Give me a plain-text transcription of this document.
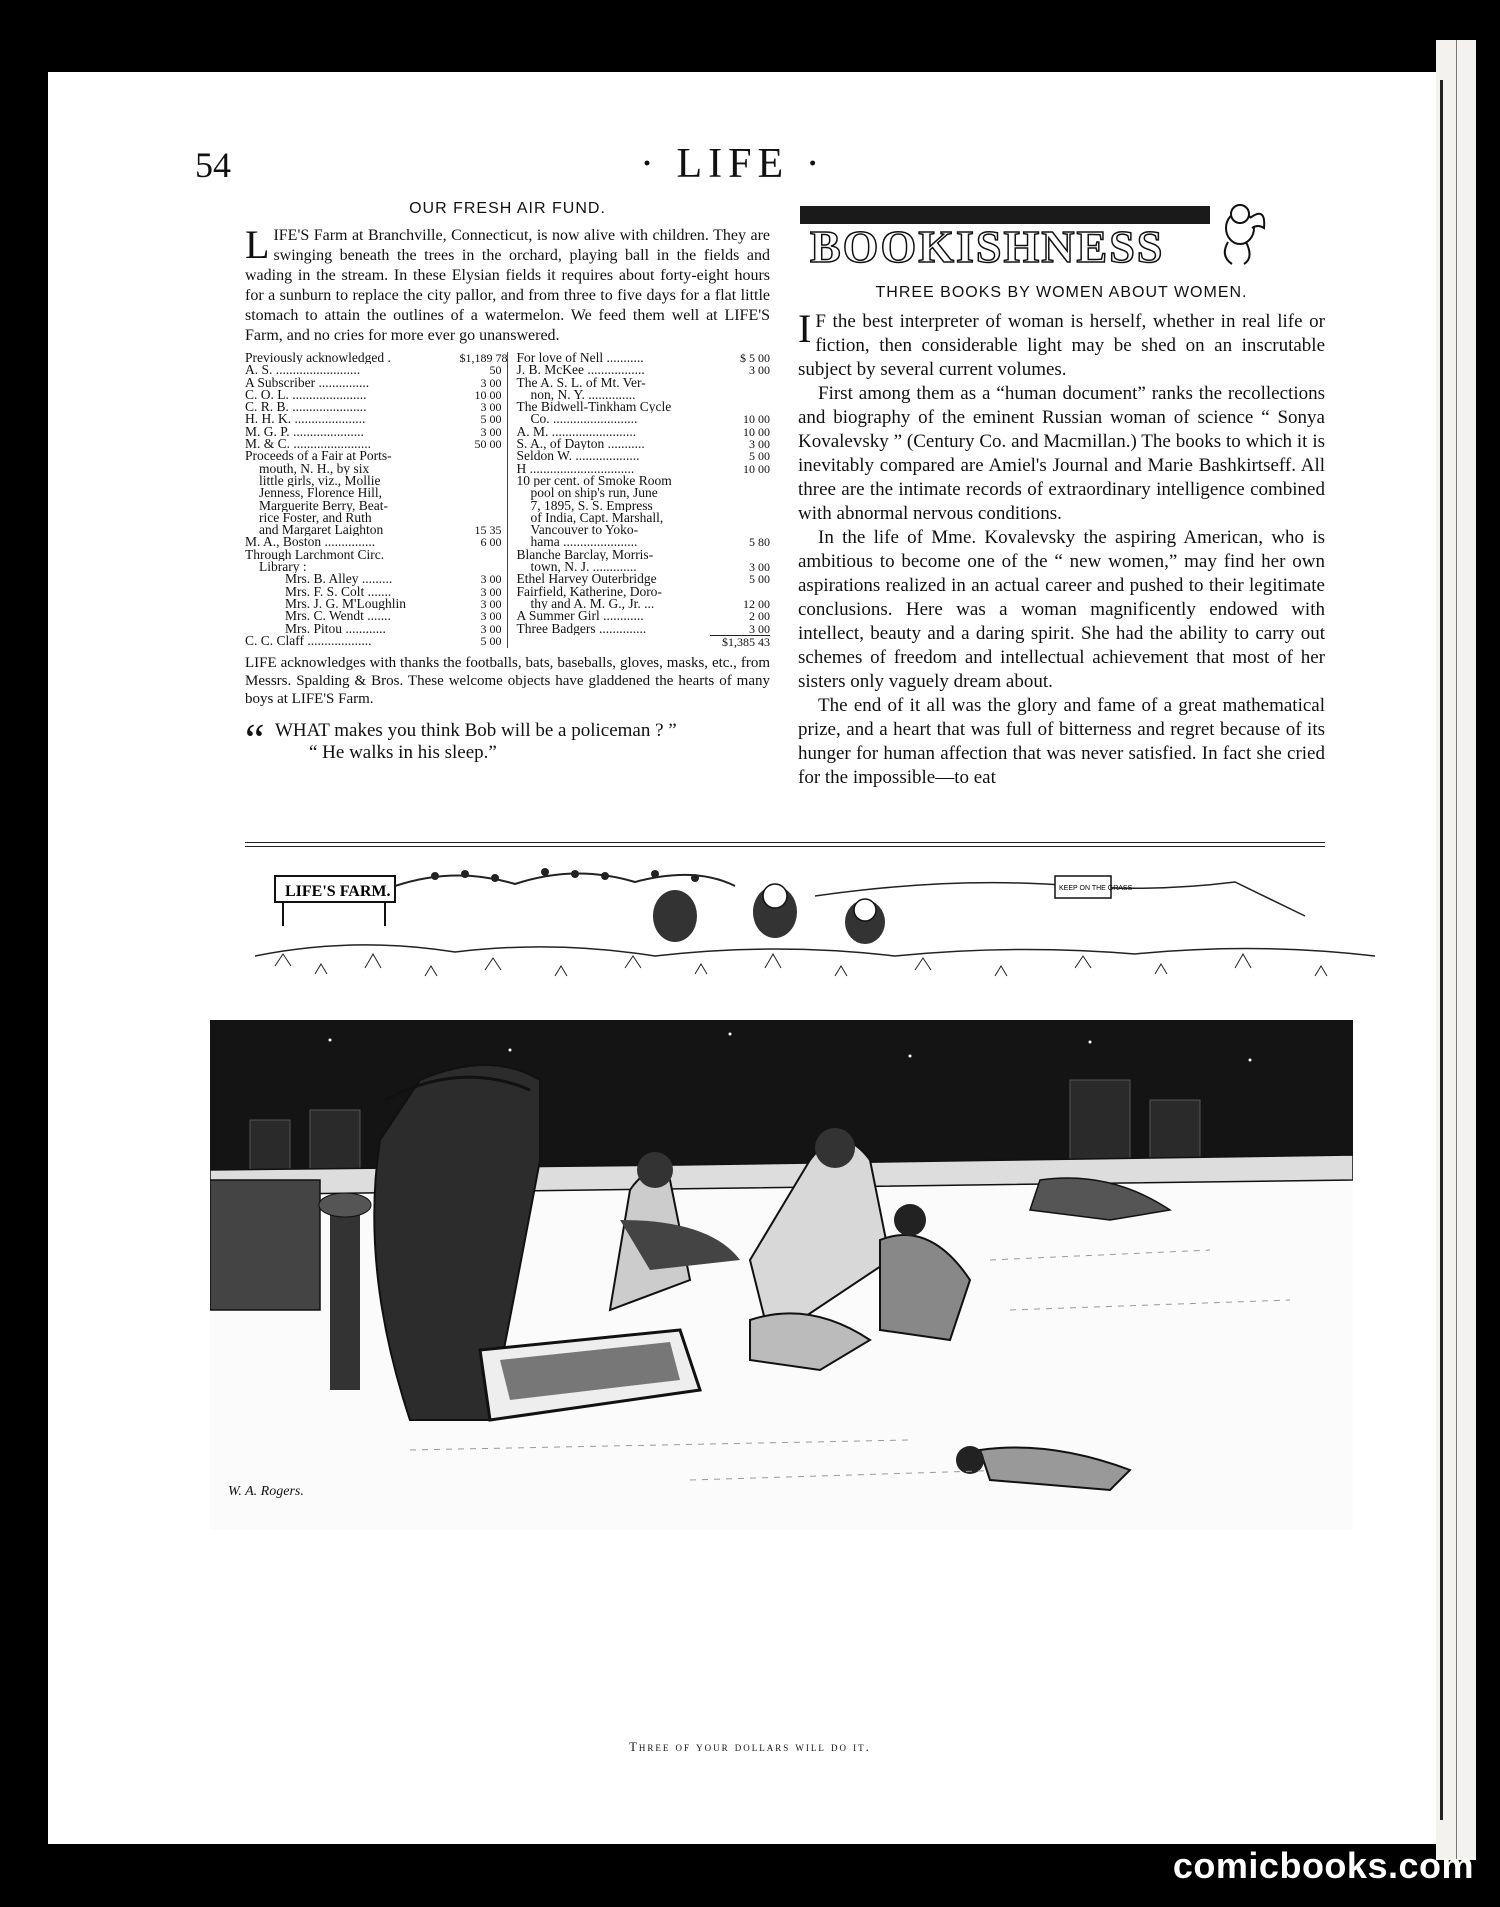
54	· LIFE ·
OUR FRESH AIR FUND.

L IFE'S Farm at Branchville, Connecticut, is now alive with children. They are swinging beneath the trees in the orchard, playing ball in the fields and wading in the stream. In these Elysian fields it requires about forty-eight hours for a sunburn to replace the city pallor, and from three to five days for a flat little stomach to attain the outlines of a watermelon. We feed them well at LIFE'S Farm, and no cries for more ever go unanswered.

Previously acknowledged .	$1,189 78
A. S. .........................	50
A Subscriber ...............	3 00
C. O. L. ......................	10 00
C. R. B. ......................	3 00
H. H. K. .....................	5 00
M. G. P. .....................	3 00
M. & C. .......................	50 00
Proceeds of a Fair at Ports-
mouth, N. H., by six
little girls, viz., Mollie
Jenness, Florence Hill,
Marguerite Berry, Beat-
rice Foster, and Ruth
and Margaret Laighton	15 35
M. A., Boston ...............	6 00
Through Larchmont Circ.
Library :
Mrs. B. Alley .........	3 00
Mrs. F. S. Colt .......	3 00
Mrs. J. G. M'Loughlin	3 00
Mrs. C. Wendt .......	3 00
Mrs. Pitou ............	3 00
C. C. Claff ...................	5 00
For love of Nell ...........	$ 5 00
J. B. McKee .................	3 00
The A. S. L. of Mt. Ver-
non, N. Y. ..............
The Bidwell-Tinkham Cycle
Co. .........................	10 00
A. M. .........................	10 00
S. A., of Dayton ...........	3 00
Seldon W. ...................	5 00
H ...............................	10 00
10 per cent. of Smoke Room
pool on ship's run, June
7, 1895, S. S. Empress
of India, Capt. Marshall,
Vancouver to Yoko-
hama ......................	5 80
Blanche Barclay, Morris-
town, N. J. .............	3 00
Ethel Harvey Outerbridge	5 00
Fairfield, Katherine, Doro-
thy and A. M. G., Jr. ...	12 00
A Summer Girl ............	2 00
Three Badgers ..............	3 00
$1,385 43
LIFE acknowledges with thanks the footballs, bats, baseballs, gloves, masks, etc., from Messrs. Spalding & Bros. These welcome objects have gladdened the hearts of many boys at LIFE'S Farm.
“ WHAT makes you think Bob will be a policeman ? ”
“ He walks in his sleep.”
BOOKISHNESS
THREE BOOKS BY WOMEN ABOUT WOMEN.

I F the best interpreter of woman is herself, whether in real life or fiction, then considerable light may be shed on an inscrutable subject by several current volumes.

First among them as a “human document” ranks the recollections and biography of the eminent Russian woman of science “ Sonya Kovalevsky ” (Century Co. and Macmillan.) The books to which it is inevitably compared are Amiel's Journal and Marie Bashkirtseff. All three are the intimate records of extraordinary intelligence combined with abnormal nervous conditions.

In the life of Mme. Kovalevsky the aspiring American, who is ambitious to become one of the “ new women,” may find her own aspirations realized in an actual career and pushed to their legitimate conclusions. Here was a woman magnificently endowed with intellect, beauty and a daring spirit. She had the ability to carry out schemes of freedom and intellectual achievement that most of her sisters only vaguely dream about.

The end of it all was the glory and fame of a great mathematical prize, and a heart that was full of bitterness and regret because of its hunger for human affection that was never satisfied. In fact she cried for the impossible—to eat

LIFE'S FARM.	KEEP ON THE GRASS
W. A. Rogers.
Three of your dollars will do it.
comicbooks.com
